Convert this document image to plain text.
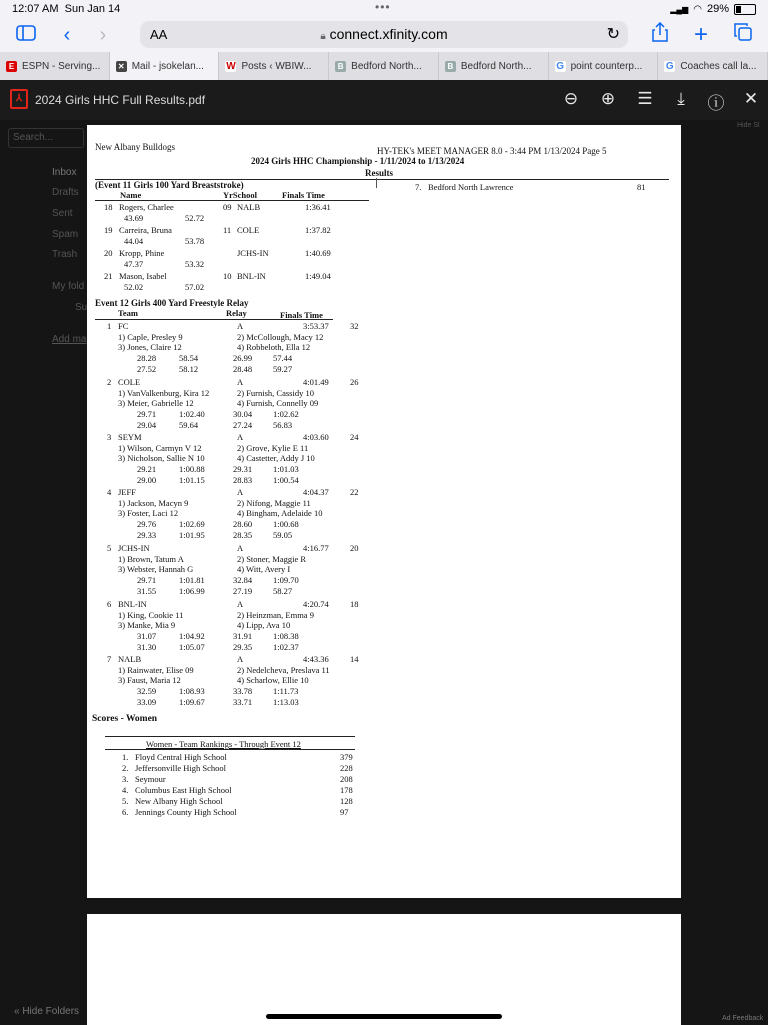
12:07 AM Sun Jan 14	•••	▂▄▆ ◠ 29%
‹ ›	+
AA	🔒︎ connect.xfinity.com	↻
E ESPN - Serving... ✕ Mail - jsokelan... W Posts ‹ WBIW...	B Bedford North...	B Bedford North... G point counterp... G Coaches call la...
⅄	2024 Girls HHC Full Results.pdf	⊖ ⊕ ☰	⤓	ⓘ ✕
Search...
Inbox
Drafts
Sent
Spam
Trash
My fold
Su
Add ma
« Hide Folders
Hide Sl
Ad Feedback
New Albany Bulldogs	HY-TEK's MEET MANAGER 8.0 - 3:44 PM 1/13/2024 Page 5
2024 Girls HHC Championship - 1/11/2024 to 1/13/2024
Results
(Event 11 Girls 100 Yard Breaststroke)
Name	YrSchool	Finals Time
18 Rogers, Charlee	09 NALB	1:36.41
43.69	52.72
19 Carreira, Bruna	11 COLE	1:37.82
44.04	53.78
20 Kropp, Phine	JCHS-IN	1:40.69
47.37	53.32
21 Mason, Isabel	10 BNL-IN	1:49.04
52.02	57.02
7. Bedford North Lawrence	81
Event 12 Girls 400 Yard Freestyle Relay
Team	Relay	Finals Time
1 FC	A	3:53.37	32
1) Caple, Presley 9	2) McCollough, Macy 12
3) Jones, Claire 12	4) Robbeloth, Ella 12
28.28	58.54	26.99 57.44
27.52	58.12	28.48 59.27
2 COLE	A	4:01.49	26
1) VanValkenburg, Kira 12	2) Furnish, Cassidy 10
3) Meier, Gabrielle 12	4) Furnish, Connelly 09
29.71	1:02.40	30.04 1:02.62
29.04	59.64	27.24 56.83
3 SEYM	A	4:03.60	24
1) Wilson, Carmyn V 12	2) Grove, Kylie E 11
3) Nicholson, Sallie N 10	4) Castetter, Addy J 10
29.21	1:00.88	29.31 1:01.03
29.00	1:01.15	28.83 1:00.54
4 JEFF	A	4:04.37	22
1) Jackson, Macyn 9	2) Nifong, Maggie 11
3) Foster, Laci 12	4) Bingham, Adelaide 10
29.76	1:02.69	28.60 1:00.68
29.33	1:01.95	28.35 59.05
5 JCHS-IN	A	4:16.77	20
1) Brown, Tatum A	2) Stoner, Maggie R
3) Webster, Hannah G	4) Witt, Avery I
29.71	1:01.81	32.84 1:09.70
31.55	1:06.99	27.19 58.27
6 BNL-IN	A	4:20.74	18
1) King, Cookie 11	2) Heinzman, Emma 9
3) Manke, Mia 9	4) Lipp, Ava 10
31.07	1:04.92	31.91 1:08.38
31.30	1:05.07	29.35 1:02.37
7 NALB	A	4:43.36	14
1) Rainwater, Elise 09	2) Nedelcheva, Preslava 11
3) Faust, Maria 12	4) Scharlow, Ellie 10
32.59	1:08.93	33.78 1:11.73
33.09	1:09.67	33.71 1:13.03
Scores - Women
Women - Team Rankings - Through Event 12
1. Floyd Central High School	379
2. Jeffersonville High School	228
3. Seymour	208
4. Columbus East High School	178
5. New Albany High School	128
6. Jennings County High School	97
